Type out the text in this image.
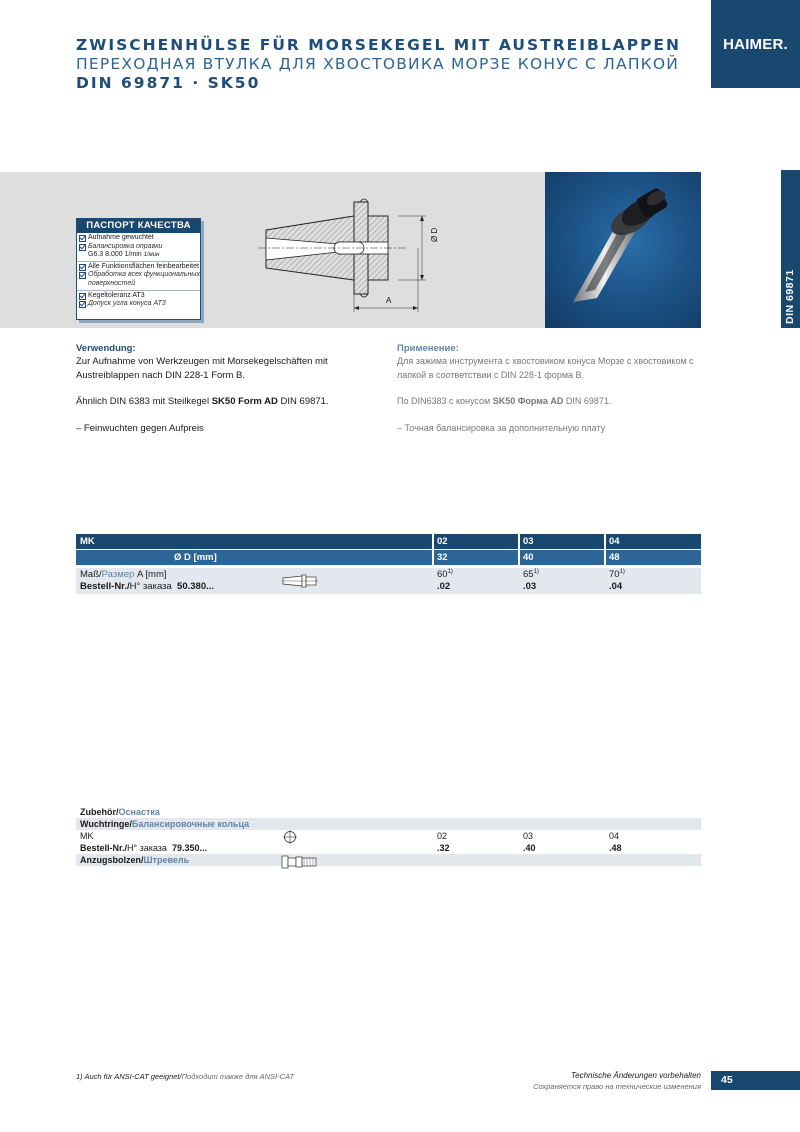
ZWISCHENHÜLSE FÜR MORSEKEGEL MIT AUSTREIBLAPPEN
ПЕРЕХОДНАЯ ВТУЛКА ДЛЯ ХВОСТОВИКА МОРЗЕ КОНУС С ЛАПКОЙ
DIN 69871 · SK50
HAIMER.
DIN 69871
ПАСПОРТ КАЧЕСТВА
Aufnahme gewuchtet
Балансировка оправки
G6.3 8.000 1/min
1/мин
Alle Funktionsflächen feinbearbeitet
Обработка всех функциональных
поверхностей
Kegeltoleranz AT3
Допуск угла конуса AT3
Ø D
A
Verwendung:
Zur Aufnahme von Werkzeugen mit Morsekegelschäften mit Austreiblappen nach DIN 228-1 Form B.
Ähnlich DIN 6383 mit Steilkegel SK50 Form AD DIN 69871.
– Feinwuchten gegen Aufpreis
Применение:
Для зажима инструмента с хвостовиком конуса Морзе с хвостовиком с лапкой в соответствии с DIN 228-1 форма B.
По DIN6383 с конусом SK50 Форма AD DIN 69871.
– Точная балансировка за дополнительную плату
MK	02	03	04
Ø D [mm]	32	40	48
Maß/Размер A [mm]	60$^{1)}$	65$^{1)}$	70$^{1)}$
Bestell-Nr./Н° заказа 50.380...	.02	.03	.04
Zubehör/Оснастка
Wuchtringe/Балансировочные кольца
MK	02	03	04
Bestell-Nr./Н° заказа 79.350...	.32	.40	.48
Anzugsbolzen/Штревель
1) Auch für ANSI-CAT geeignet/Подходит также для ANSI-CAT	Technische Änderungen vorbehalten
Сохраняется право на технические изменения
45
